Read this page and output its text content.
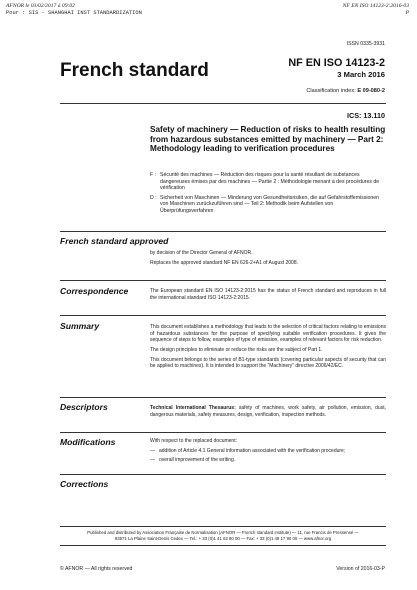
AFNOR le 03/02/2017 à 09:02
Pour : SIS - SHANGHAI INST STANDARDIZATION
NF EN ISO 14123-2:2016-03
P
ISSN 0335-3931
French standard	NF EN ISO 14123-2
3 March 2016
Classification index: E 09-080-2
ICS: 13.110
Safety of machinery — Reduction of risks to health resulting from hazardous substances emitted by machinery — Part 2: Methodology leading to verification procedures
F : Sécurité des machines — Réduction des risques pour la santé résultant de substances dangereuses émises par des machines — Partie 2 : Méthodologie menant à des procédures de vérification
D : Sicherheit von Maschinen — Minderung von Gesundheitsrisiken, die auf Gefahrstoffemissionen von Maschinen zurückzuführen sind — Teil 2: Methodik beim Aufstellen von Überprüfungsverfahren
French standard approved

by decision of the Director General of AFNOR.

Replaces the approved standard NF EN 626-2+A1 of August 2008.

Correspondence	The European standard EN ISO 14123-2:2015 has the status of French standard and reproduces in full the international standard ISO 14123-2:2015.

Summary	This document establishes a methodology that leads to the selection of critical factors relating to emissions of hazardous substances for the purpose of specifying suitable verification procedures. It gives the sequence of steps to follow, examples of type of emission, examples of relevant factors for risk reduction.

The design principles to eliminate or reduce the risks are the subject of Part 1.

This document belongs to the series of B1-type standards (covering particular aspects of security that can be applied to machines). It is intended to support the “Machinery” directive 2006/42/EC.

Descriptors	Technical International Thesaurus: safety of machines, work safety, air pollution, emission, dust, dangerous materials, safety measures, design, verification, inspection methods.

Modifications	With respect to the replaced document:

— addition of Article 4.1 General information associated with the verification procedure;
— overall improvement of the writing.
Corrections
Published and distributed by Association Française de Normalisation (AFNOR — French standard institute) — 11, rue Francis de Pressensé —
93571 La Plaine Saint-Denis Cedex — Tel.: + 33 (0)1 41 62 80 00 — Fax: + 33 (0)1 49 17 90 00 — www.afnor.org
© AFNOR — All rights reserved	Version of 2016-03-P
